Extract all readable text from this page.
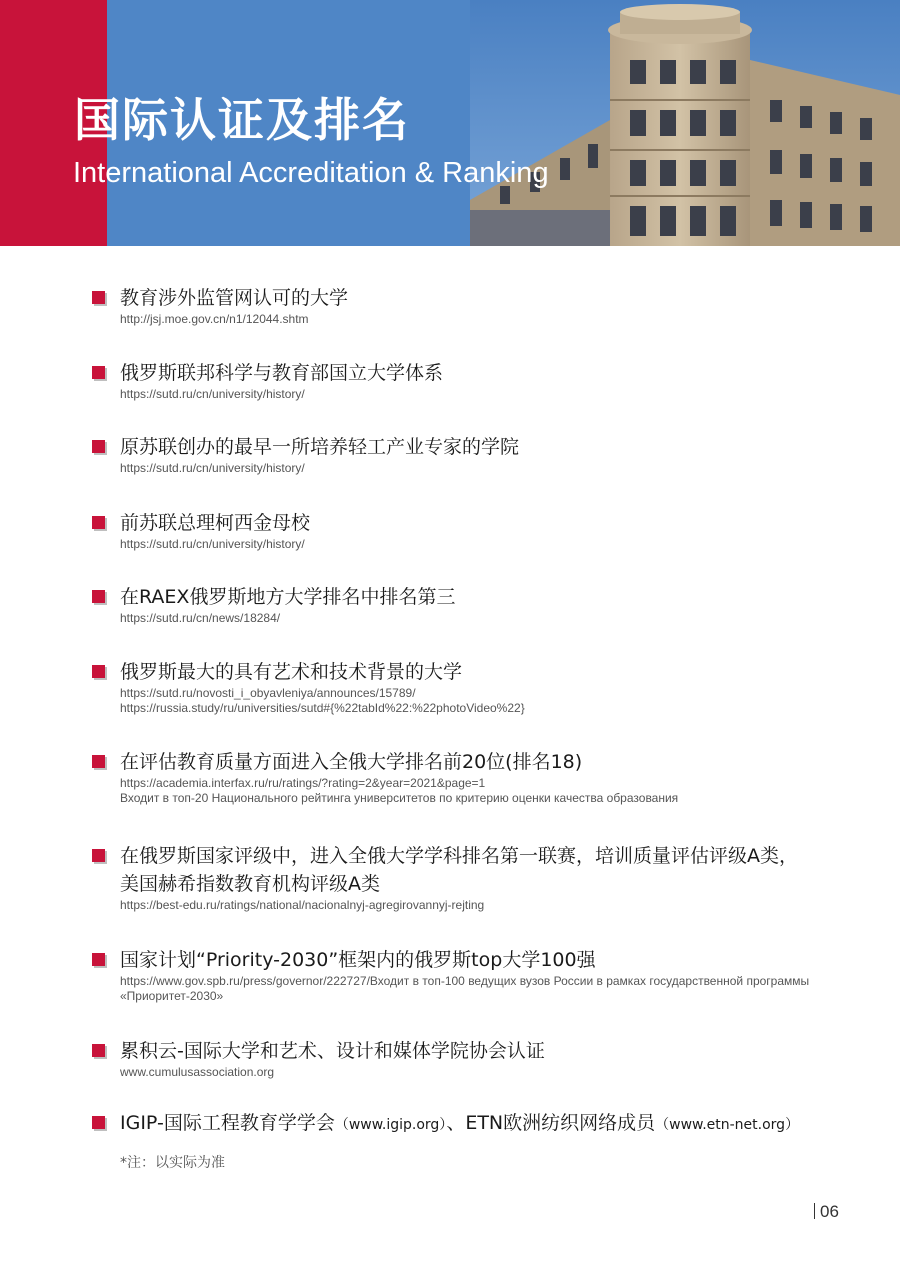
国际认证及排名
International Accreditation & Ranking
教育涉外监管网认可的大学
http://jsj.moe.gov.cn/n1/12044.shtm
俄罗斯联邦科学与教育部国立大学体系
https://sutd.ru/cn/university/history/
原苏联创办的最早一所培养轻工产业专家的学院
https://sutd.ru/cn/university/history/
前苏联总理柯西金母校
https://sutd.ru/cn/university/history/
在RAEX俄罗斯地方大学排名中排名第三
https://sutd.ru/cn/news/18284/
俄罗斯最大的具有艺术和技术背景的大学
https://sutd.ru/novosti_i_obyavleniya/announces/15789/
https://russia.study/ru/universities/sutd#{%22tabId%22:%22photoVideo%22}
在评估教育质量方面进入全俄大学排名前20位(排名18)
https://academia.interfax.ru/ru/ratings/?rating=2&year=2021&page=1
Входит в топ-20 Национального рейтинга университетов по критерию оценки качества образования
在俄罗斯国家评级中，进入全俄大学学科排名第一联赛，培训质量评估评级A类，
美国赫希指数教育机构评级A类
https://best-edu.ru/ratings/national/nacionalnyj-agregirovannyj-rejting
国家计划“Priority-2030”框架内的俄罗斯top大学100强
https://www.gov.spb.ru/press/governor/222727/Входит в топ-100 ведущих вузов России в рамках государственной программы «Приоритет-2030»
累积云-国际大学和艺术、设计和媒体学院协会认证
www.cumulusassociation.org
IGIP-国际工程教育学学会（www.igip.org）、ETN欧洲纺织网络成员（www.etn-net.org）
*注：以实际为准
06
